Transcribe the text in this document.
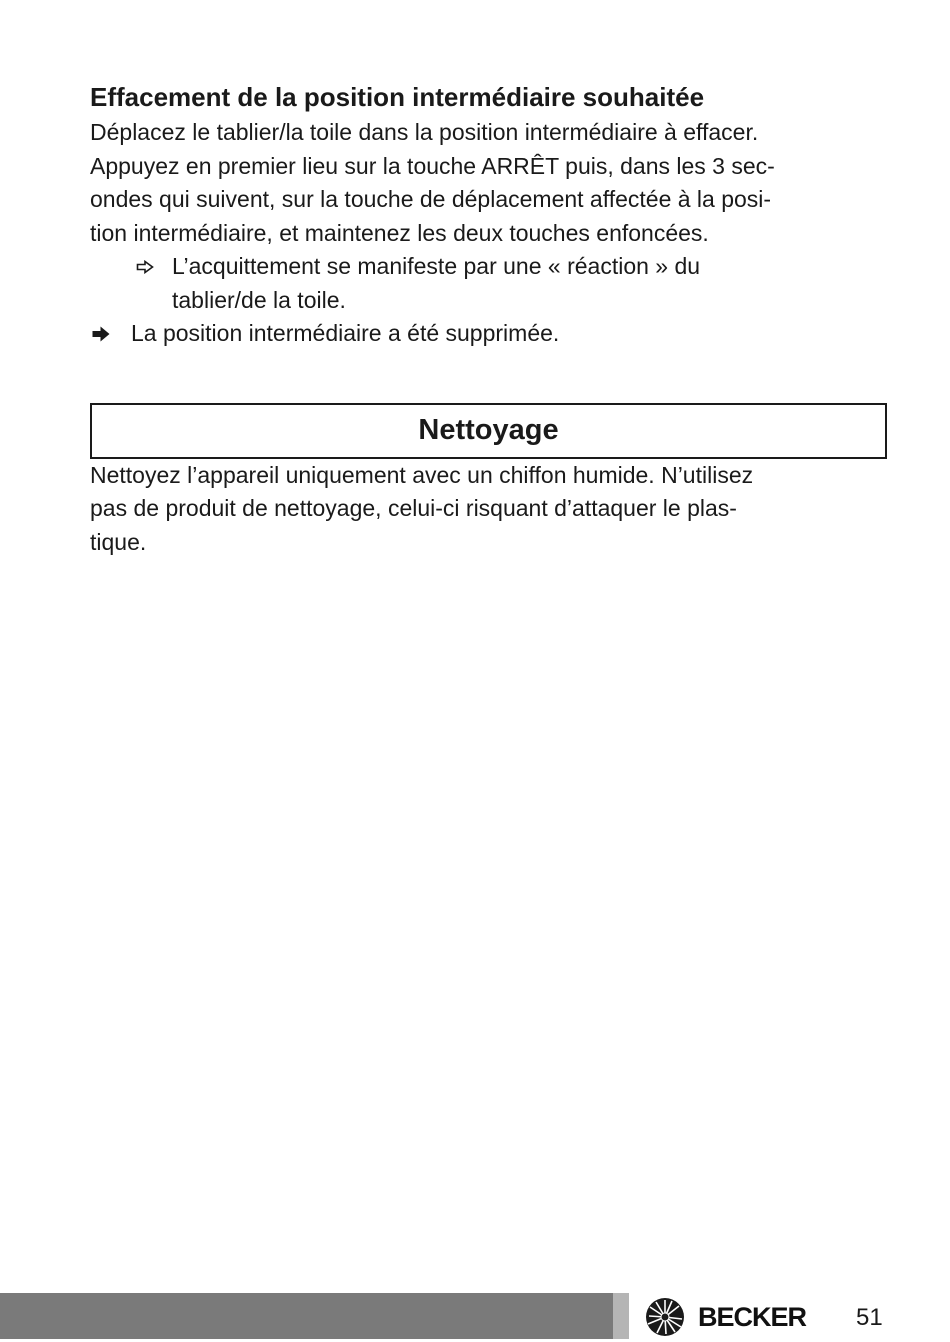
Effacement de la position intermédiaire souhaitée

Déplacez le tablier/la toile dans la position intermédiaire à effacer.
Appuyez en premier lieu sur la touche ARRÊT puis, dans les 3 sec-
ondes qui suivent, sur la touche de déplacement affectée à la posi-
tion intermédiaire, et maintenez les deux touches enfoncées.

L’acquittement se manifeste par une « réaction » du
tablier/de la toile.
La position intermédiaire a été supprimée.
Nettoyage

Nettoyez l’appareil uniquement avec un chiffon humide. N’utilisez
pas de produit de nettoyage, celui-ci risquant d’attaquer le plas-
tique.

BECKER 51
